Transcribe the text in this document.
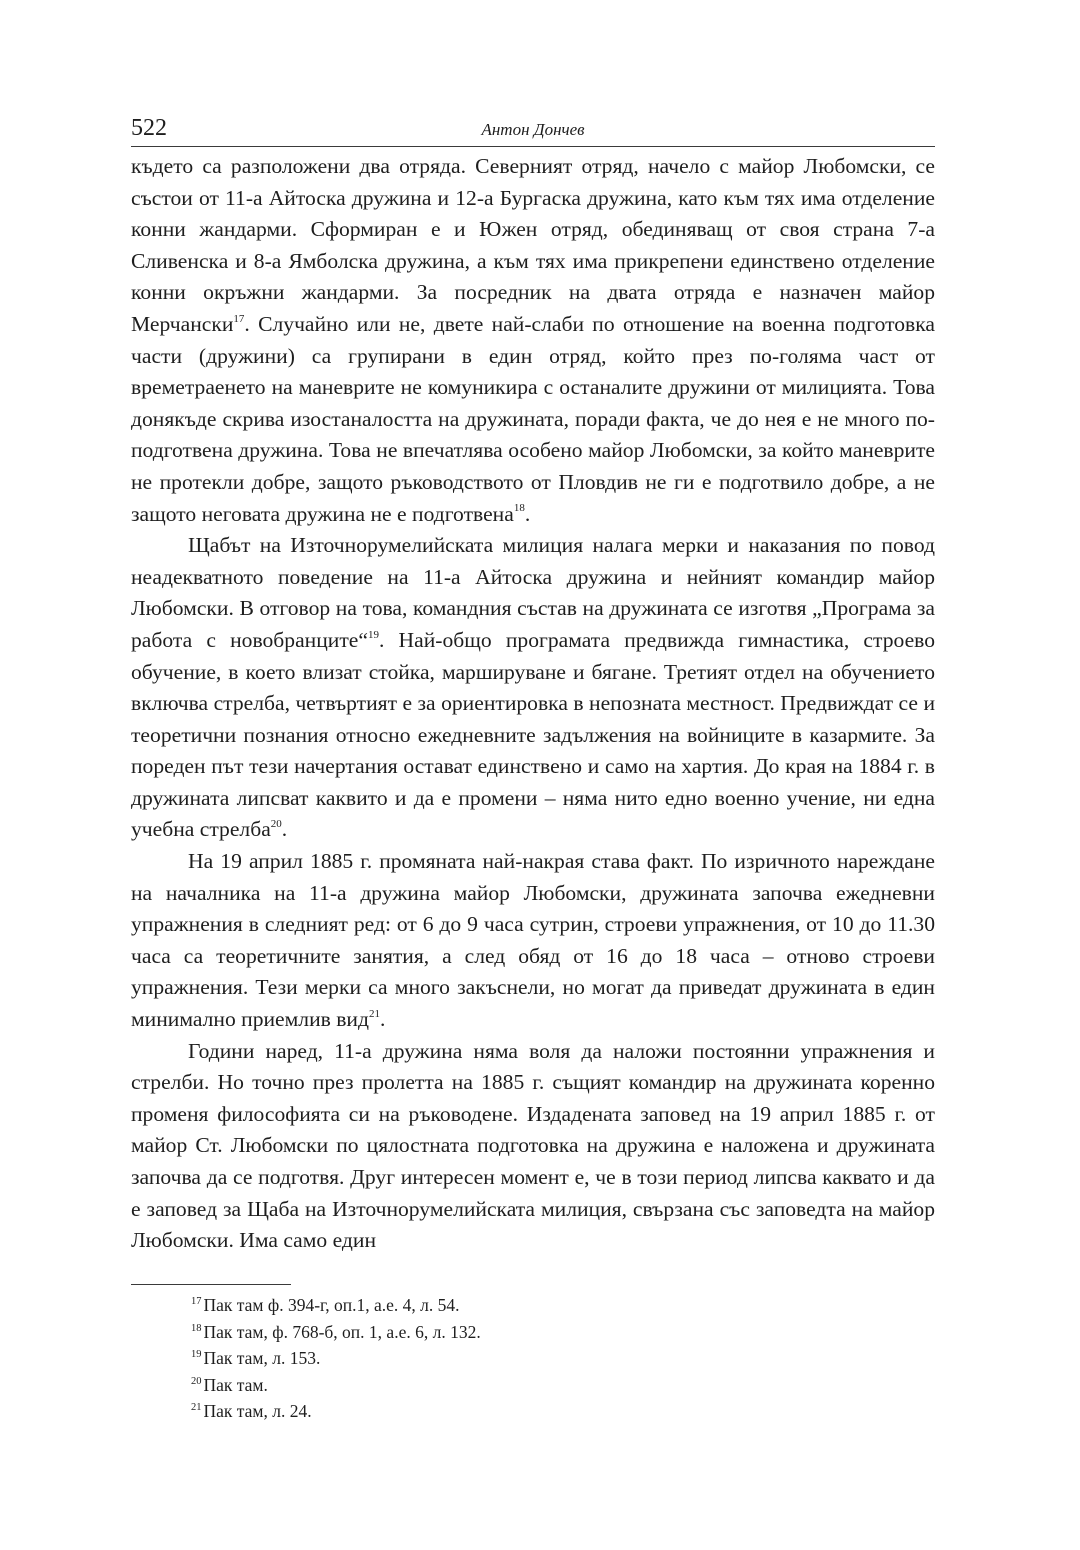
522	Антон Дончев

където са разположени два отряда. Северният отряд, начело с майор Любомски, се състои от 11-а Айтоска дружина и 12-а Бургаска дружина, като към тях има отделение конни жандарми. Сформиран е и Южен отряд, обединяващ от своя страна 7-а Сливенска и 8-а Ямболска дружина, а към тях има прикрепени единствено отделение конни окръжни жандарми. За посредник на двата отряда е назначен майор Мерчански$^{17}$. Случайно или не, двете най-слаби по отношение на военна подготовка части (дружини) са групирани в един отряд, който през по-голяма част от времетраенето на маневрите не комуникира с останалите дружини от милицията. Това донякъде скрива изостаналостта на дружината, поради факта, че до нея е не много по-подготвена дружина. Това не впечатлява особено майор Любомски, за който маневрите не протекли добре, защото ръководството от Пловдив не ги е подготвило добре, а не защото неговата дружина не е подготвена$^{18}$.

Щабът на Източнорумелийската милиция налага мерки и наказания по повод неадекватното поведение на 11-а Айтоска дружина и нейният командир майор Любомски. В отговор на това, командния състав на дружината се изготвя „Програма за работа с новобранците“$^{19}$. Най-общо програмата предвижда гимнастика, строево обучение, в което влизат стойка, маршируване и бягане. Третият отдел на обучението включва стрелба, четвъртият е за ориентировка в непозната местност. Предвиждат се и теоретични познания относно ежедневните задължения на войниците в казармите. За пореден път тези начертания остават единствено и само на хартия. До края на 1884 г. в дружината липсват каквито и да е промени – няма нито едно военно учение, ни една учебна стрелба$^{20}$.

На 19 април 1885 г. промяната най-накрая става факт. По изричното нареждане на началника на 11-а дружина майор Любомски, дружината започва ежедневни упражнения в следният ред: от 6 до 9 часа сутрин, строеви упражнения, от 10 до 11.30 часа са теоретичните занятия, а след обяд от 16 до 18 часа – отново строеви упражнения. Тези мерки са много закъснели, но могат да приведат дружината в един минимално приемлив вид$^{21}$.

Години наред, 11-а дружина няма воля да наложи постоянни упражнения и стрелби. Но точно през пролетта на 1885 г. същият командир на дружината коренно променя философията си на ръководене. Издадената заповед на 19 април 1885 г. от майор Ст. Любомски по цялостната подготовка на дружина е наложена и дружината започва да се подготвя. Друг интересен момент е, че в този период липсва каквато и да е заповед за Щаба на Източнорумелийската милиция, свързана със заповедта на майор Любомски. Има само един

$^{17}$ Пак там ф. 394-г, оп.1, а.е. 4, л. 54.
$^{18}$ Пак там, ф. 768-б, оп. 1, а.е. 6, л. 132.
$^{19}$ Пак там, л. 153.
$^{20}$ Пак там.
$^{21}$ Пак там, л. 24.
